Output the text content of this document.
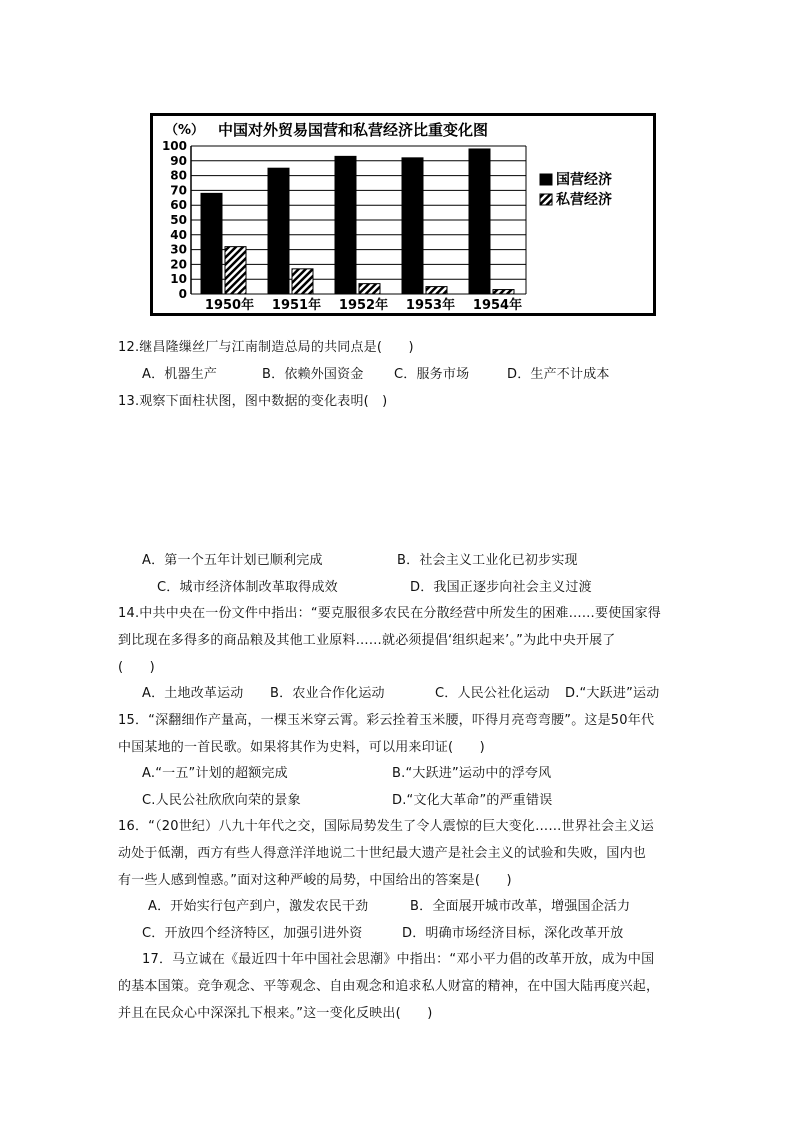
（%） 中国对外贸易国营和私营经济比重变化图
0
10
20
30
40
50
60
70
80
90
100
1950年 1951年 1952年 1953年 1954年
国营经济
私营经济
12.继昌隆缫丝厂与江南制造总局的共同点是(　　)
A．机器生产	B．依赖外国资金 C．服务市场	D．生产不计成本
13.观察下面柱状图，图中数据的变化表明(　)
A．第一个五年计划已顺利完成	B．社会主义工业化已初步实现
C．城市经济体制改革取得成效	D．我国正逐步向社会主义过渡
14.中共中央在一份文件中指出：“要克服很多农民在分散经营中所发生的困难……要使国家得
到比现在多得多的商品粮及其他工业原料……就必须提倡‘组织起来’。”为此中央开展了
(　　)
A．土地改革运动 B．农业合作化运动	C．人民公社化运动 D.“大跃进”运动
15．“深翻细作产量高，一棵玉米穿云霄。彩云拴着玉米腰，吓得月亮弯弯腰”。这是50年代
中国某地的一首民歌。如果将其作为史料，可以用来印证(　　)
A.“一五”计划的超额完成	B.“大跃进”运动中的浮夸风
C.人民公社欣欣向荣的景象	D.“文化大革命”的严重错误
16．“（20世纪）八九十年代之交，国际局势发生了令人震惊的巨大变化……世界社会主义运
动处于低潮，西方有些人得意洋洋地说二十世纪最大遗产是社会主义的试验和失败，国内也
有一些人感到惶惑。”面对这种严峻的局势，中国给出的答案是(　　)
A．开始实行包产到户，激发农民干劲	B．全面展开城市改革，增强国企活力
C．开放四个经济特区，加强引进外资	D．明确市场经济目标，深化改革开放
17．马立诚在《最近四十年中国社会思潮》中指出：“邓小平力倡的改革开放，成为中国
的基本国策。竞争观念、平等观念、自由观念和追求私人财富的精神，在中国大陆再度兴起，
并且在民众心中深深扎下根来。”这一变化反映出(　　)
